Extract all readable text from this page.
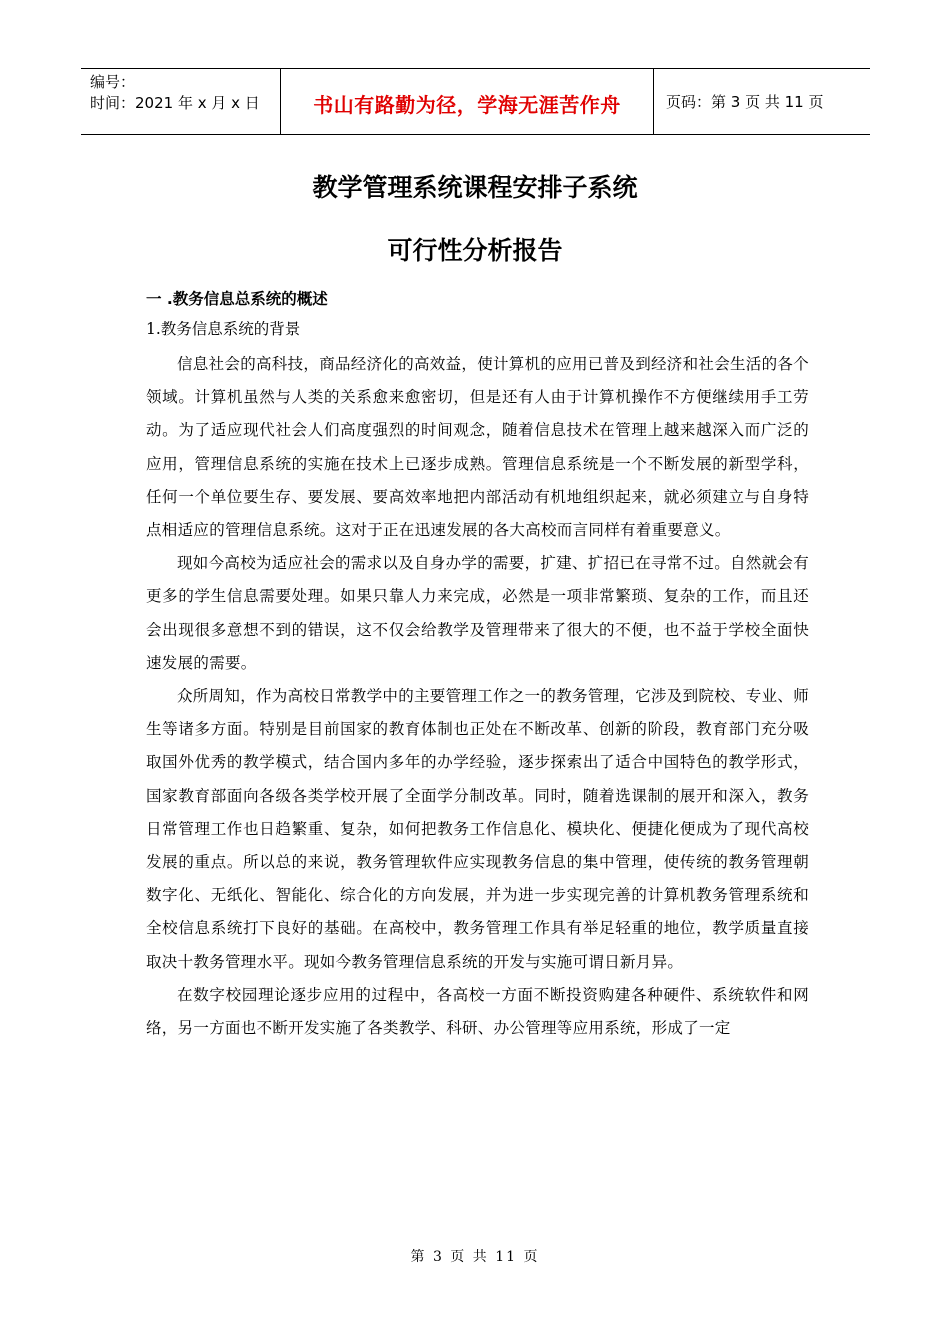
编号：
时间：2021 年 x 月 x 日	书山有路勤为径，学海无涯苦作舟	页码：第 3 页 共 11 页
教学管理系统课程安排子系统
可行性分析报告
一 .教务信息总系统的概述
1.教务信息系统的背景

信息社会的高科技，商品经济化的高效益，使计算机的应用已普及到经济和社会生活的各个领域。计算机虽然与人类的关系愈来愈密切，但是还有人由于计算机操作不方便继续用手工劳动。为了适应现代社会人们高度强烈的时间观念，随着信息技术在管理上越来越深入而广泛的应用，管理信息系统的实施在技术上已逐步成熟。管理信息系统是一个不断发展的新型学科，任何一个单位要生存、要发展、要高效率地把内部活动有机地组织起来，就必须建立与自身特点相适应的管理信息系统。这对于正在迅速发展的各大高校而言同样有着重要意义。

现如今高校为适应社会的需求以及自身办学的需要，扩建、扩招已在寻常不过。自然就会有更多的学生信息需要处理。如果只靠人力来完成，必然是一项非常繁琐、复杂的工作，而且还会出现很多意想不到的错误，这不仅会给教学及管理带来了很大的不便，也不益于学校全面快速发展的需要。

众所周知，作为高校日常教学中的主要管理工作之一的教务管理，它涉及到院校、专业、师生等诸多方面。特别是目前国家的教育体制也正处在不断改革、创新的阶段，教育部门充分吸取国外优秀的教学模式，结合国内多年的办学经验，逐步探索出了适合中国特色的教学形式，国家教育部面向各级各类学校开展了全面学分制改革。同时，随着选课制的展开和深入，教务日常管理工作也日趋繁重、复杂，如何把教务工作信息化、模块化、便捷化便成为了现代高校发展的重点。所以总的来说，教务管理软件应实现教务信息的集中管理，使传统的教务管理朝数字化、无纸化、智能化、综合化的方向发展，并为进一步实现完善的计算机教务管理系统和全校信息系统打下良好的基础。在高校中，教务管理工作具有举足轻重的地位，教学质量直接取决十教务管理水平。现如今教务管理信息系统的开发与实施可谓日新月异。

在数字校园理论逐步应用的过程中，各高校一方面不断投资购建各种硬件、系统软件和网络，另一方面也不断开发实施了各类教学、科研、办公管理等应用系统，形成了一定

第 3 页 共 11 页
